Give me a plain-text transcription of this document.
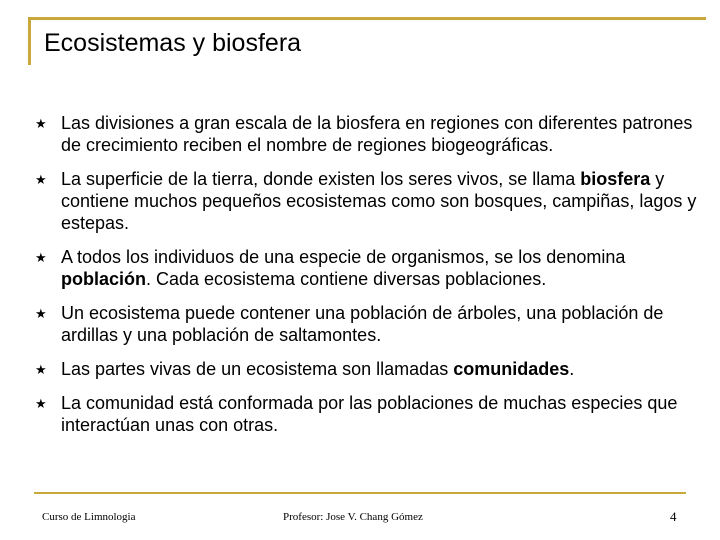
Ecosistemas y biosfera
★ Las divisiones a gran escala de la biosfera en regiones con diferentes patrones de crecimiento reciben el nombre de regiones biogeográficas.
★ La superficie de la tierra, donde existen los seres vivos, se llama biosfera y contiene muchos pequeños ecosistemas como son bosques, campiñas, lagos y estepas.
★ A todos los individuos de una especie de organismos, se los denomina población. Cada ecosistema contiene diversas poblaciones.
★ Un ecosistema puede contener una población de árboles, una población de ardillas y una población de saltamontes.
★ Las partes vivas de un ecosistema son llamadas comunidades.
★ La comunidad está conformada por las poblaciones de muchas especies que interactúan unas con otras.
Curso de Limnologia	Profesor: Jose V. Chang Gómez	4
